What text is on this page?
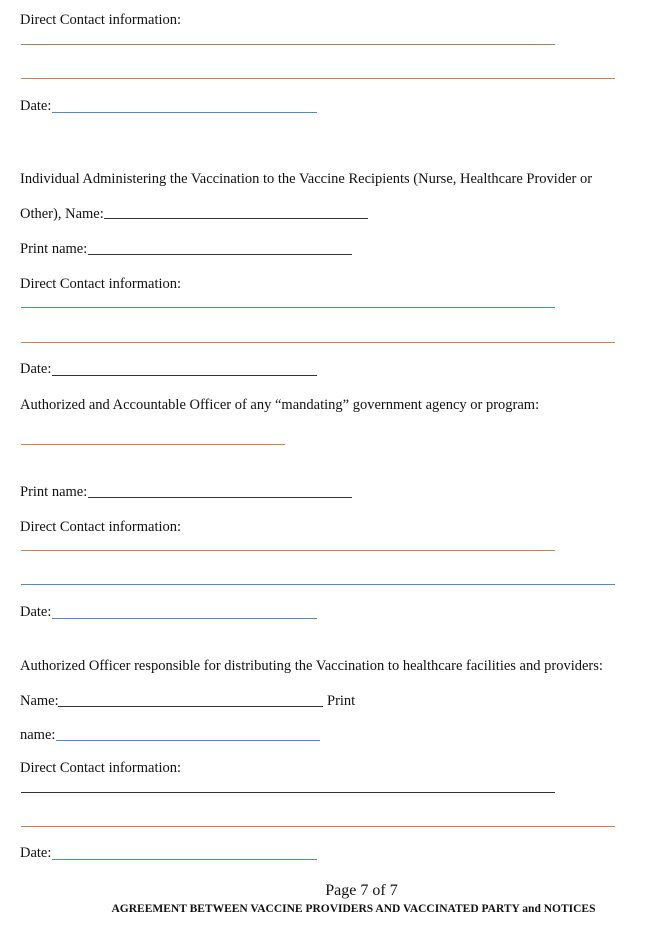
Direct Contact information:
Date:
Individual Administering the Vaccination to the Vaccine Recipients (Nurse, Healthcare Provider or
Other), Name:
Print name:
Direct Contact information:
Date:
Authorized and Accountable Officer of any “mandating” government agency or program:
Print name:
Direct Contact information:
Date:
Authorized Officer responsible for distributing the Vaccination to healthcare facilities and providers:
Name:	Print
name:
Direct Contact information:
Date:
Page 7 of 7
AGREEMENT BETWEEN VACCINE PROVIDERS AND VACCINATED PARTY and NOTICES
